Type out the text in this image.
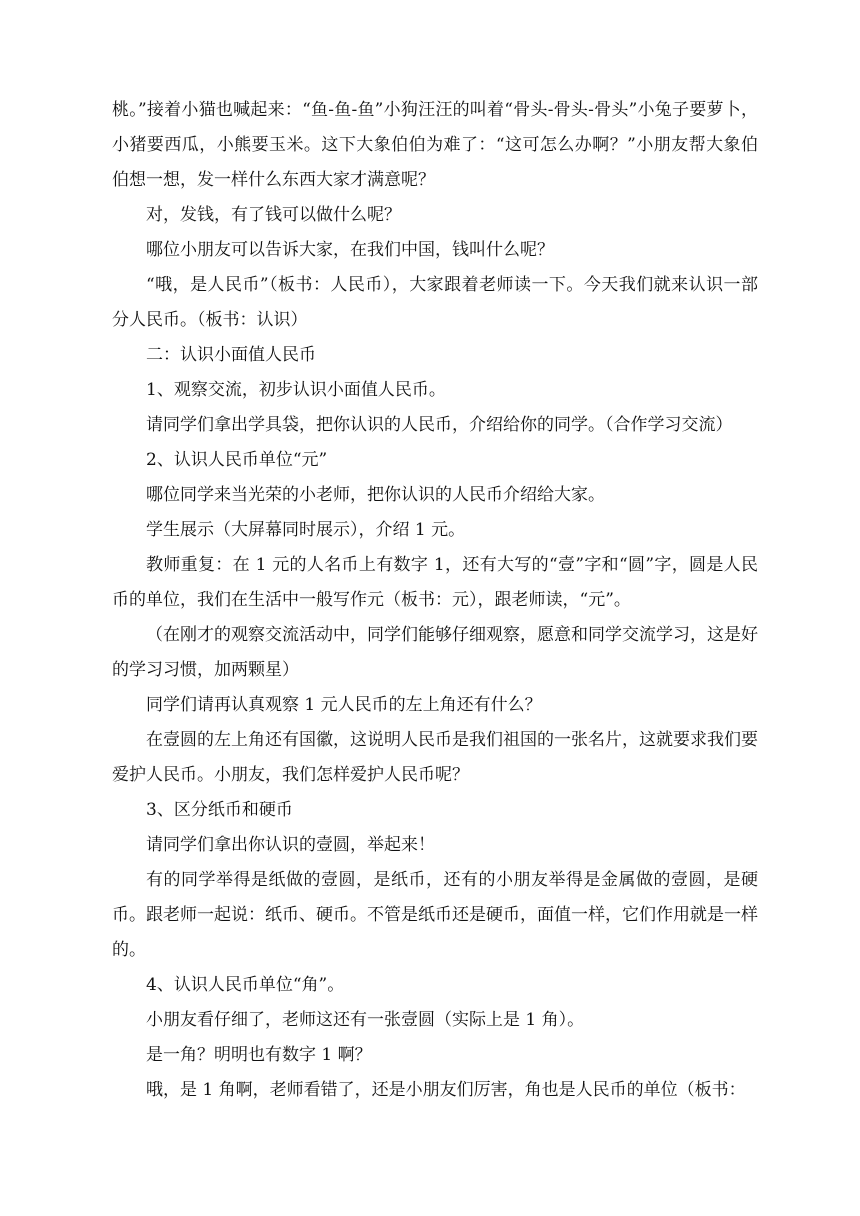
桃。”接着小猫也喊起来：“鱼-鱼-鱼”小狗汪汪的叫着“骨头-骨头-骨头”小兔子要萝卜，小猪要西瓜，小熊要玉米。这下大象伯伯为难了：“这可怎么办啊？”小朋友帮大象伯伯想一想，发一样什么东西大家才满意呢？

对，发钱，有了钱可以做什么呢？

哪位小朋友可以告诉大家，在我们中国，钱叫什么呢？

“哦，是人民币”（板书：人民币），大家跟着老师读一下。今天我们就来认识一部分人民币。（板书：认识）

二：认识小面值人民币

1、观察交流，初步认识小面值人民币。

请同学们拿出学具袋，把你认识的人民币，介绍给你的同学。（合作学习交流）

2、认识人民币单位“元”

哪位同学来当光荣的小老师，把你认识的人民币介绍给大家。

学生展示（大屏幕同时展示），介绍 1 元。

教师重复：在 1 元的人名币上有数字 1，还有大写的“壹”字和“圆”字，圆是人民币的单位，我们在生活中一般写作元（板书：元），跟老师读，“元”。

（在刚才的观察交流活动中，同学们能够仔细观察，愿意和同学交流学习，这是好的学习习惯，加两颗星）

同学们请再认真观察 1 元人民币的左上角还有什么？

在壹圆的左上角还有国徽，这说明人民币是我们祖国的一张名片，这就要求我们要爱护人民币。小朋友，我们怎样爱护人民币呢？

3、区分纸币和硬币

请同学们拿出你认识的壹圆，举起来！

有的同学举得是纸做的壹圆，是纸币，还有的小朋友举得是金属做的壹圆，是硬币。跟老师一起说：纸币、硬币。不管是纸币还是硬币，面值一样，它们作用就是一样的。

4、认识人民币单位“角”。

小朋友看仔细了，老师这还有一张壹圆（实际上是 1 角）。

是一角？明明也有数字 1 啊？

哦，是 1 角啊，老师看错了，还是小朋友们厉害，角也是人民币的单位（板书：
